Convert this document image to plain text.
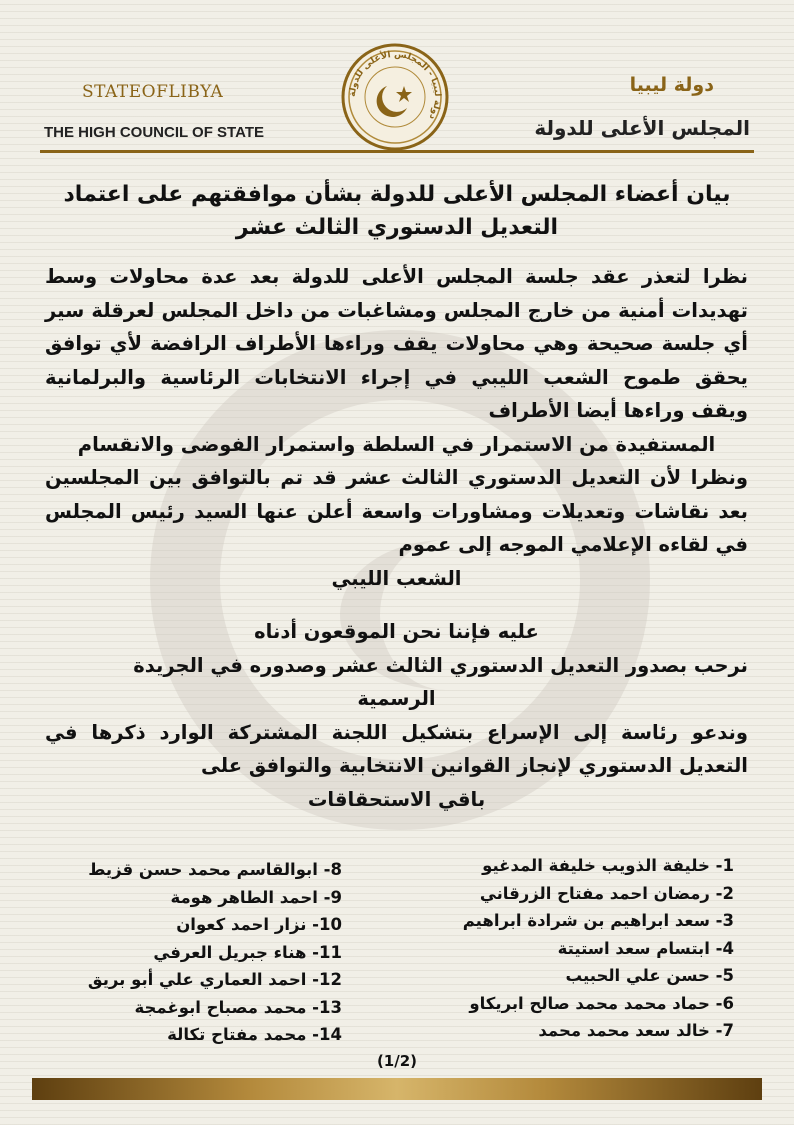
STATEOFLIBYA
THE HIGH COUNCIL OF STATE
دولة ليبيا - المجلس الأعلى للدولة
دولة ليبيا
المجلس الأعلى للدولة
بيان أعضاء المجلس الأعلى للدولة بشأن موافقتهم على اعتماد
التعديل الدستوري الثالث عشر

نظرا لتعذر عقد جلسة المجلس الأعلى للدولة بعد عدة محاولات وسط تهديدات أمنية من خارج المجلس ومشاغبات من داخل المجلس لعرقلة سير أي جلسة صحيحة وهي محاولات يقف وراءها الأطراف الرافضة لأي توافق يحقق طموح الشعب الليبي في إجراء الانتخابات الرئاسية والبرلمانية ويقف وراءها أيضا الأطراف

المستفيدة من الاستمرار في السلطة واستمرار الفوضى والانقسام

ونظرا لأن التعديل الدستوري الثالث عشر قد تم بالتوافق بين المجلسين بعد نقاشات وتعديلات ومشاورات واسعة أعلن عنها السيد رئيس المجلس في لقاءه الإعلامي الموجه إلى عموم

الشعب الليبي

عليه فإننا نحن الموقعون أدناه

نرحب بصدور التعديل الدستوري الثالث عشر وصدوره في الجريدة

الرسمية

وندعو رئاسة إلى الإسراع بتشكيل اللجنة المشتركة الوارد ذكرها في التعديل الدستوري لإنجاز القوانين الانتخابية والتوافق على

باقي الاستحقاقات

1- خليفة الذويب خليفة المدغيو
2- رمضان احمد مفتاح الزرقاني
3- سعد ابراهيم بن شرادة ابراهيم
4- ابتسام سعد استيتة
5- حسن علي الحبيب
6- حماد محمد محمد صالح ابريكاو
7- خالد سعد محمد محمد
8- ابوالقاسم محمد حسن قزيط
9- احمد الطاهر هومة
10- نزار احمد كعوان
11- هناء جبريل العرفي
12- احمد العماري علي أبو بريق
13- محمد مصباح ابوغمجة
14- محمد مفتاح تكالة
(1/2)
